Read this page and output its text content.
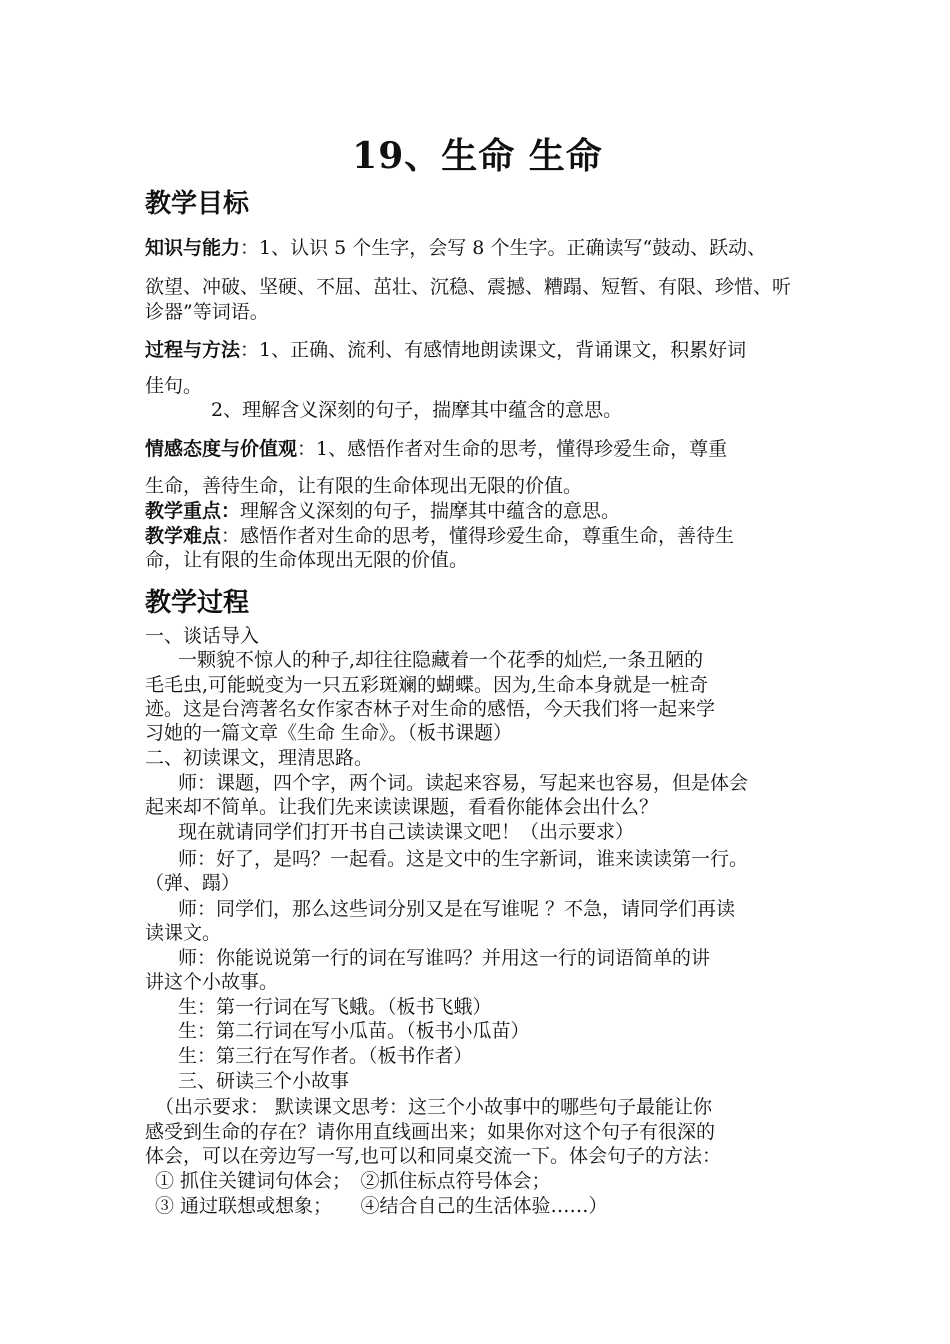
19、生命 生命
教学目标
知识与能力：1、认识 5 个生字，会写 8 个生字。正确读写“鼓动、跃动、
欲望、冲破、坚硬、不屈、茁壮、沉稳、震撼、糟蹋、短暂、有限、珍惜、听
诊器”等词语。
过程与方法：1、正确、流利、有感情地朗读课文，背诵课文，积累好词
佳句。
2、理解含义深刻的句子，揣摩其中蕴含的意思。
情感态度与价值观：1、感悟作者对生命的思考，懂得珍爱生命，尊重
生命，善待生命，让有限的生命体现出无限的价值。
教学重点：理解含义深刻的句子，揣摩其中蕴含的意思。
教学难点：感悟作者对生命的思考，懂得珍爱生命，尊重生命，善待生
命，让有限的生命体现出无限的价值。
教学过程
一、谈话导入
一颗貌不惊人的种子,却往往隐藏着一个花季的灿烂,一条丑陋的
毛毛虫,可能蜕变为一只五彩斑斓的蝴蝶。因为,生命本身就是一桩奇
迹。这是台湾著名女作家杏林子对生命的感悟，今天我们将一起来学
习她的一篇文章《生命 生命》。（板书课题）
二、初读课文，理清思路。
师：课题，四个字，两个词。读起来容易，写起来也容易，但是体会
起来却不简单。让我们先来读读课题，看看你能体会出什么？
现在就请同学们打开书自己读读课文吧！（出示要求）
师：好了，是吗？一起看。这是文中的生字新词，谁来读读第一行。
（弹、蹋）
师：同学们，那么这些词分别又是在写谁呢 ？不急，请同学们再读
读课文。
师：你能说说第一行的词在写谁吗？并用这一行的词语简单的讲
讲这个小故事。
生：第一行词在写飞蛾。（板书飞蛾）
生：第二行词在写小瓜苗。（板书小瓜苗）
生：第三行在写作者。（板书作者）
三、研读三个小故事
（出示要求： 默读课文思考：这三个小故事中的哪些句子最能让你
感受到生命的存在？请你用直线画出来；如果你对这个句子有很深的
体会，可以在旁边写一写,也可以和同桌交流一下。体会句子的方法：
① 抓住关键词句体会；　②抓住标点符号体会；
③ 通过联想或想象；　　④结合自己的生活体验……）
